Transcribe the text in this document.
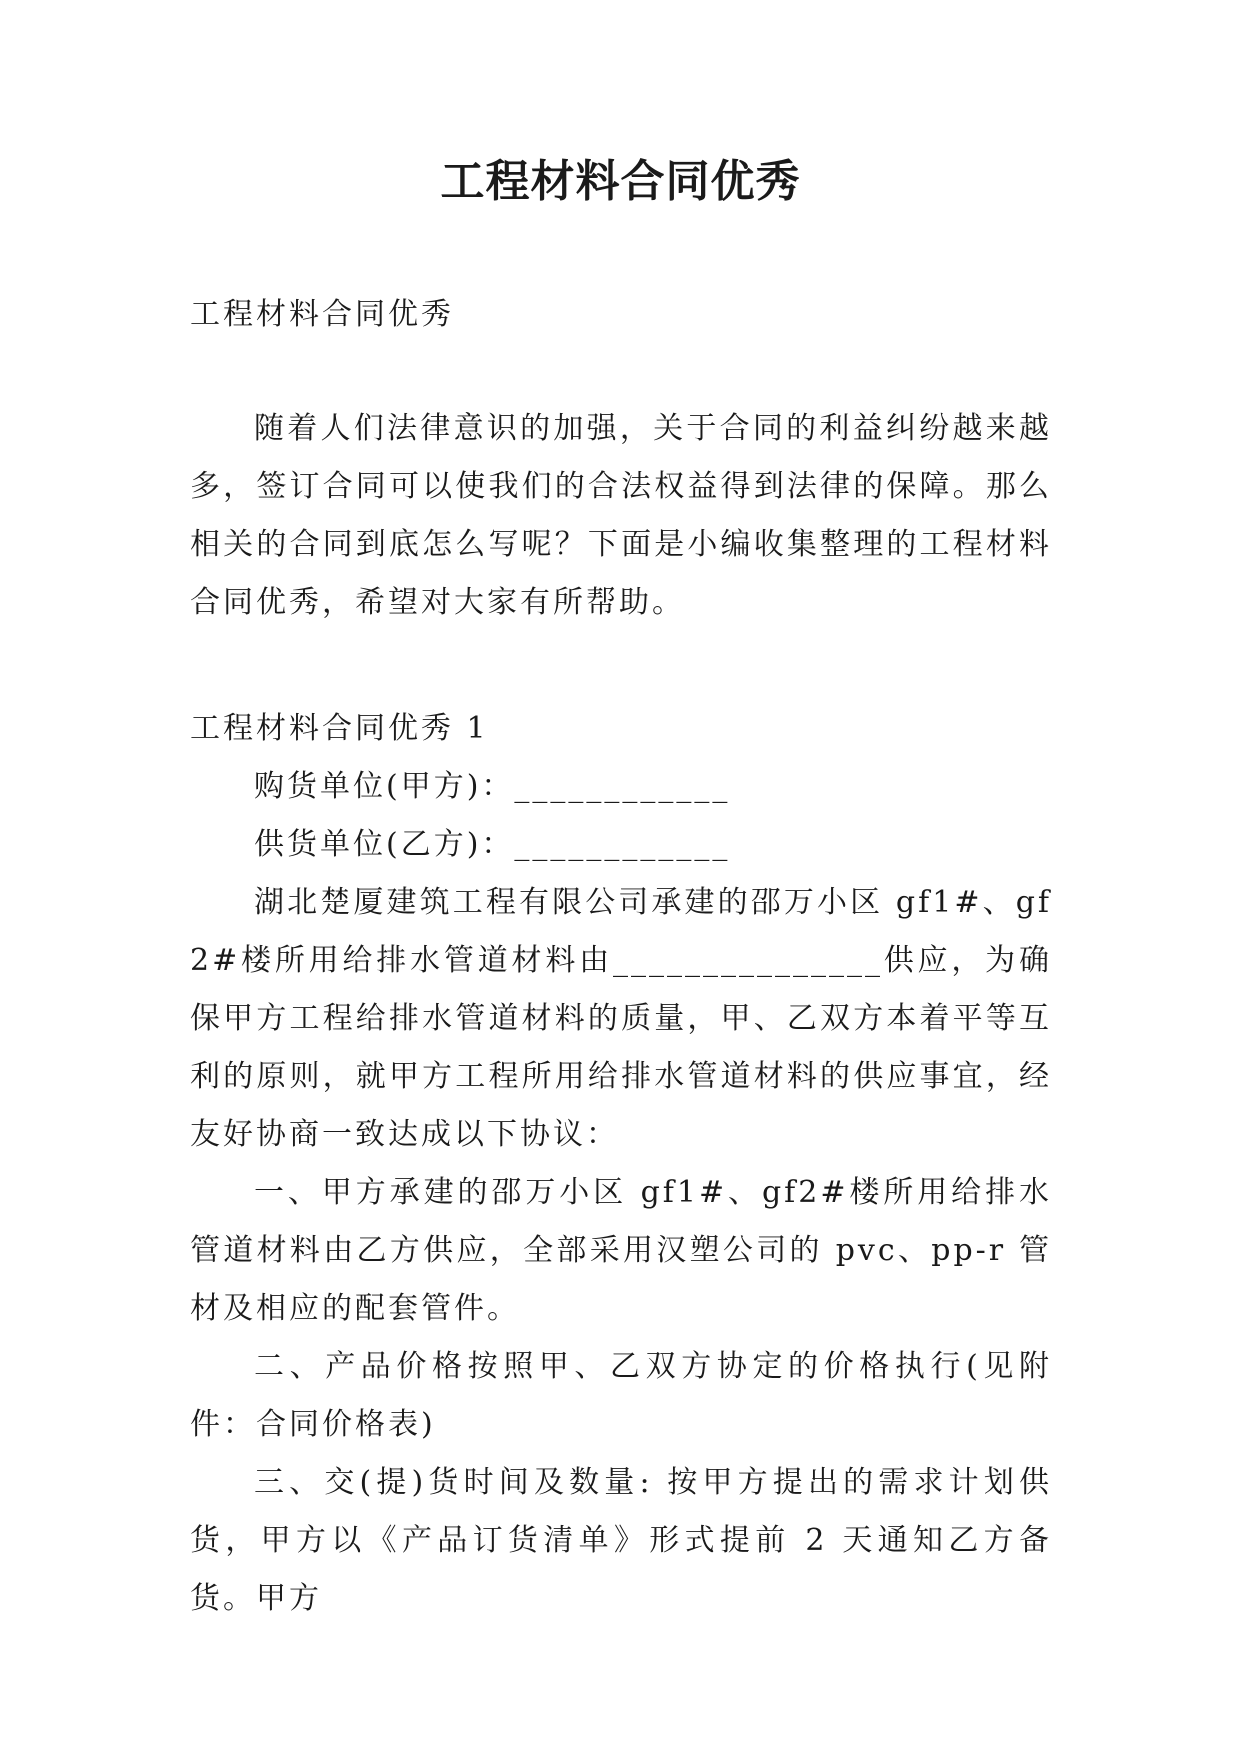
工程材料合同优秀

工程材料合同优秀

随着人们法律意识的加强，关于合同的利益纠纷越来越多，签订合同可以使我们的合法权益得到法律的保障。那么相关的合同到底怎么写呢？下面是小编收集整理的工程材料合同优秀，希望对大家有所帮助。

工程材料合同优秀 1

购货单位(甲方)：____________

供货单位(乙方)：____________

湖北楚厦建筑工程有限公司承建的邵万小区 gf1#、gf2#楼所用给排水管道材料由_______________供应，为确保甲方工程给排水管道材料的质量，甲、乙双方本着平等互利的原则，就甲方工程所用给排水管道材料的供应事宜，经友好协商一致达成以下协议：

一、甲方承建的邵万小区 gf1#、gf2#楼所用给排水管道材料由乙方供应，全部采用汉塑公司的 pvc、pp-r 管材及相应的配套管件。

二、产品价格按照甲、乙双方协定的价格执行(见附件：合同价格表)

三、交(提)货时间及数量: 按甲方提出的需求计划供货，甲方以《产品订货清单》形式提前 2 天通知乙方备货。甲方
